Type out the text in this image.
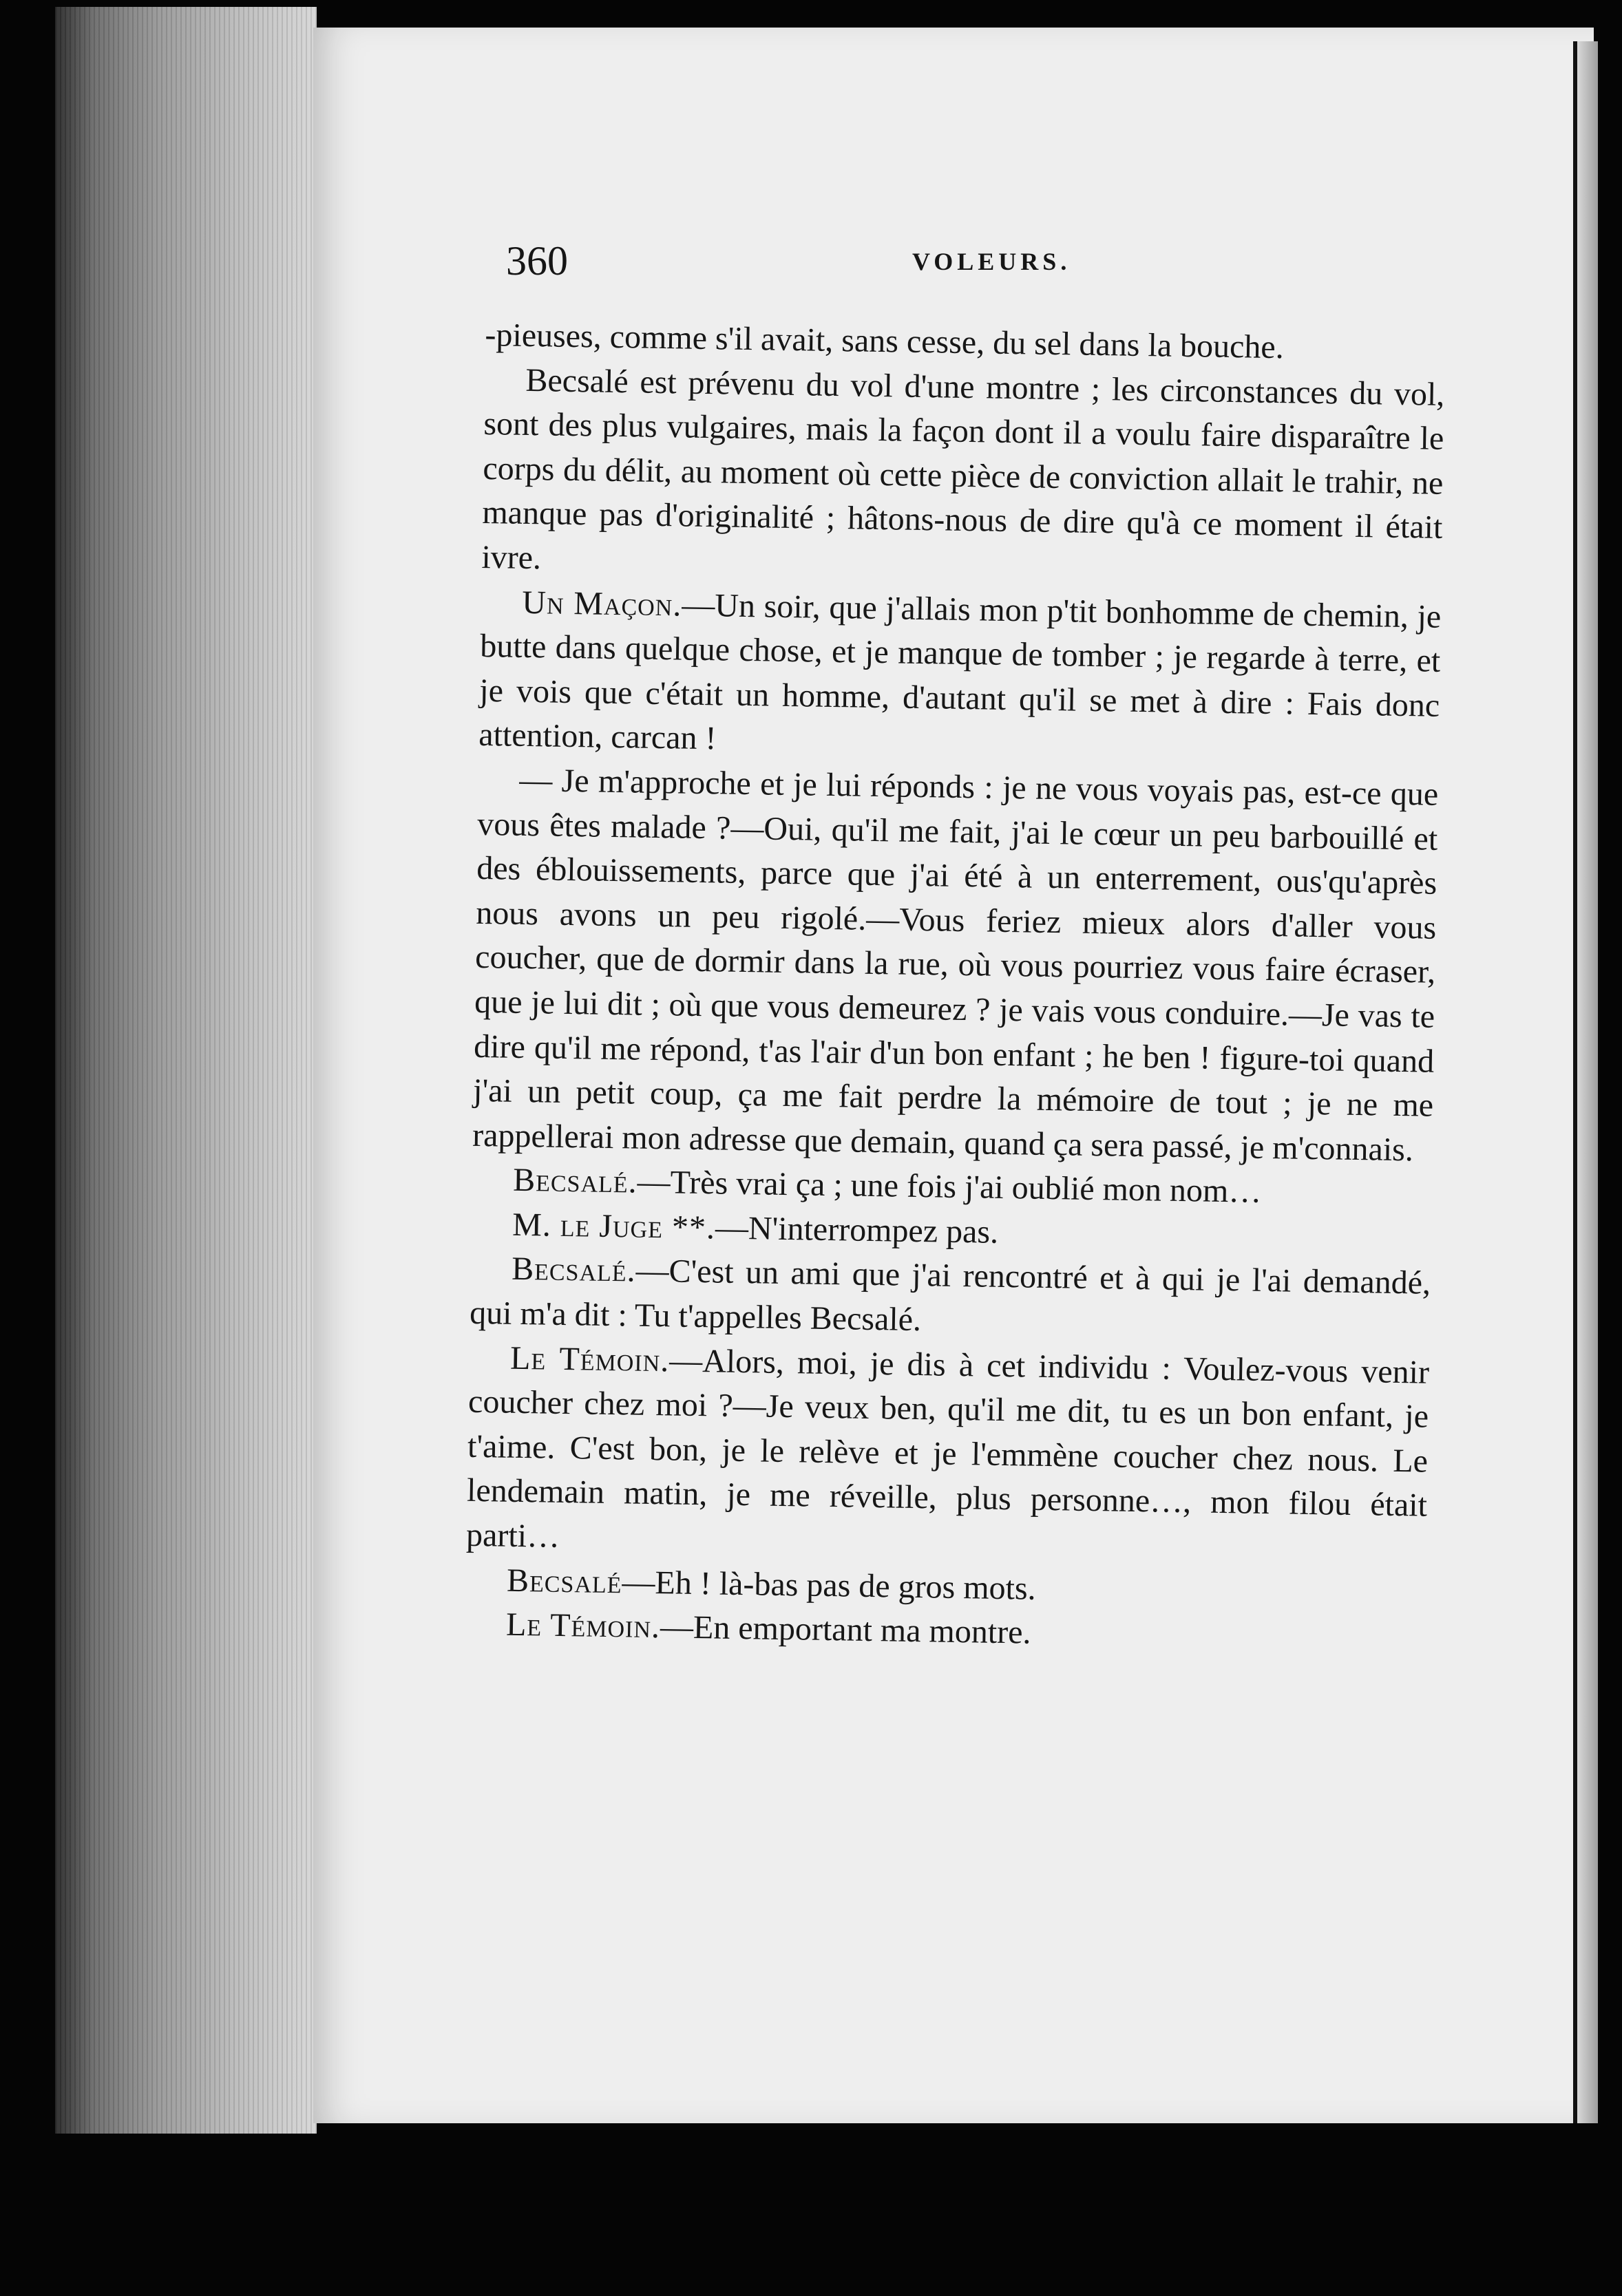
360	VOLEURS.

-pieuses, comme s'il avait, sans cesse, du sel dans la bouche.

Becsalé est prévenu du vol d'une montre ; les circonstances du vol, sont des plus vulgaires, mais la façon dont il a voulu faire disparaître le corps du délit, au moment où cette pièce de conviction allait le trahir, ne manque pas d'originalité ; hâtons-nous de dire qu'à ce moment il était ivre.

Un Maçon.—Un soir, que j'allais mon p'tit bonhomme de chemin, je butte dans quelque chose, et je manque de tomber ; je regarde à terre, et je vois que c'était un homme, d'autant qu'il se met à dire : Fais donc attention, carcan !

— Je m'approche et je lui réponds : je ne vous voyais pas, est-ce que vous êtes malade ?—Oui, qu'il me fait, j'ai le cœur un peu barbouillé et des éblouissements, parce que j'ai été à un enterrement, ous'qu'après nous avons un peu rigolé.—Vous feriez mieux alors d'aller vous coucher, que de dormir dans la rue, où vous pourriez vous faire écraser, que je lui dit ; où que vous demeurez ? je vais vous conduire.—Je vas te dire qu'il me répond, t'as l'air d'un bon enfant ; he ben ! figure-toi quand j'ai un petit coup, ça me fait perdre la mémoire de tout ; je ne me rappellerai mon adresse que demain, quand ça sera passé, je m'connais.

Becsalé.—Très vrai ça ; une fois j'ai oublié mon nom…

M. le Juge **.—N'interrompez pas.

Becsalé.—C'est un ami que j'ai rencontré et à qui je l'ai demandé, qui m'a dit : Tu t'appelles Becsalé.

Le Témoin.—Alors, moi, je dis à cet individu : Voulez-vous venir coucher chez moi ?—Je veux ben, qu'il me dit, tu es un bon enfant, je t'aime. C'est bon, je le relève et je l'emmène coucher chez nous. Le lendemain matin, je me réveille, plus personne…, mon filou était parti…

Becsalé—Eh ! là-bas pas de gros mots.

Le Témoin.—En emportant ma montre.
